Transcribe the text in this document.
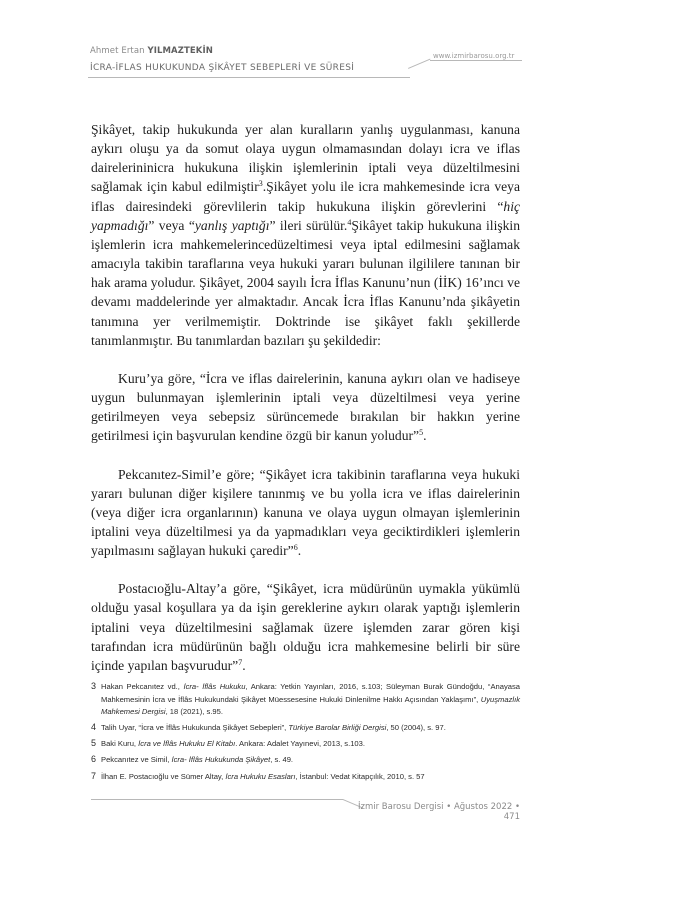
Ahmet Ertan YILMAZTEKİN
İCRA-İFLAS HUKUKUNDA ŞİKÂYET SEBEPLERİ VE SÜRESİ
www.izmirbarosu.org.tr

Şikâyet, takip hukukunda yer alan kuralların yanlış uygulanması, kanuna aykırı oluşu ya da somut olaya uygun olmamasından dolayı icra ve iflas dairelerininicra hukukuna ilişkin işlemlerinin iptali veya düzeltilmesini sağlamak için kabul edilmiştir$^3$.Şikâyet yolu ile icra mahkemesinde icra veya iflas dairesindeki görevlilerin takip hukukuna ilişkin görevlerini “hiç yapmadığı” veya “yanlış yaptığı” ileri sürülür.$^4$Şikâyet takip hukukuna ilişkin işlemlerin icra mahkemelerincedüzeltimesi veya iptal edilmesini sağlamak amacıyla takibin taraflarına veya hukuki yararı bulunan ilgililere tanınan bir hak arama yoludur. Şikâyet, 2004 sayılı İcra İflas Kanunu’nun (İİK) 16’ıncı ve devamı maddelerinde yer almaktadır. Ancak İcra İflas Kanunu’nda şikâyetin tanımına yer verilmemiştir. Doktrinde ise şikâyet faklı şekillerde tanımlanmıştır. Bu tanımlardan bazıları şu şekildedir:

Kuru’ya göre, “İcra ve iflas dairelerinin, kanuna aykırı olan ve hadiseye uygun bulunmayan işlemlerinin iptali veya düzeltilmesi veya yerine getirilmeyen veya sebepsiz sürüncemede bırakılan bir hakkın yerine getirilmesi için başvurulan kendine özgü bir kanun yoludur”$^5$.

Pekcanıtez-Simil’e göre; “Şikâyet icra takibinin taraflarına veya hukuki yararı bulunan diğer kişilere tanınmış ve bu yolla icra ve iflas dairelerinin (veya diğer icra organlarının) kanuna ve olaya uygun olmayan işlemlerinin iptalini veya düzeltilmesi ya da yapmadıkları veya geciktirdikleri işlemlerin yapılmasını sağlayan hukuki çaredir”$^6$.

Postacıoğlu-Altay’a göre, “Şikâyet, icra müdürünün uymakla yükümlü olduğu yasal koşullara ya da işin gereklerine aykırı olarak yaptığı işlemlerin iptalini veya düzeltilmesini sağlamak üzere işlemden zarar gören kişi tarafından icra müdürünün bağlı olduğu icra mahkemesine belirli bir süre içinde yapılan başvurudur”$^7$.

3 Hakan Pekcanıtez vd., İcra- İflâs Hukuku, Ankara: Yetkin Yayınları, 2016, s.103; Süleyman Burak Gündoğdu, “Anayasa Mahkemesinin İcra ve İflâs Hukukundaki Şikâyet Müessesesine Hukuki Dinlenilme Hakkı Açısından Yaklaşımı”, Uyuşmazlık Mahkemesi Dergisi, 18 (2021), s.95.
4 Talih Uyar, “İcra ve İflâs Hukukunda Şikâyet Sebepleri”, Türkiye Barolar Birliği Dergisi, 50 (2004), s. 97.
5 Baki Kuru, İcra ve İflâs Hukuku El Kitabı. Ankara: Adalet Yayınevi, 2013, s.103.
6 Pekcanıtez ve Simil, İcra- İflâs Hukukunda Şikâyet, s. 49.
7 İlhan E. Postacıoğlu ve Sümer Altay, İcra Hukuku Esasları, İstanbul: Vedat Kitapçılık, 2010, s. 57
İzmir Barosu Dergisi • Ağustos 2022 • 471
